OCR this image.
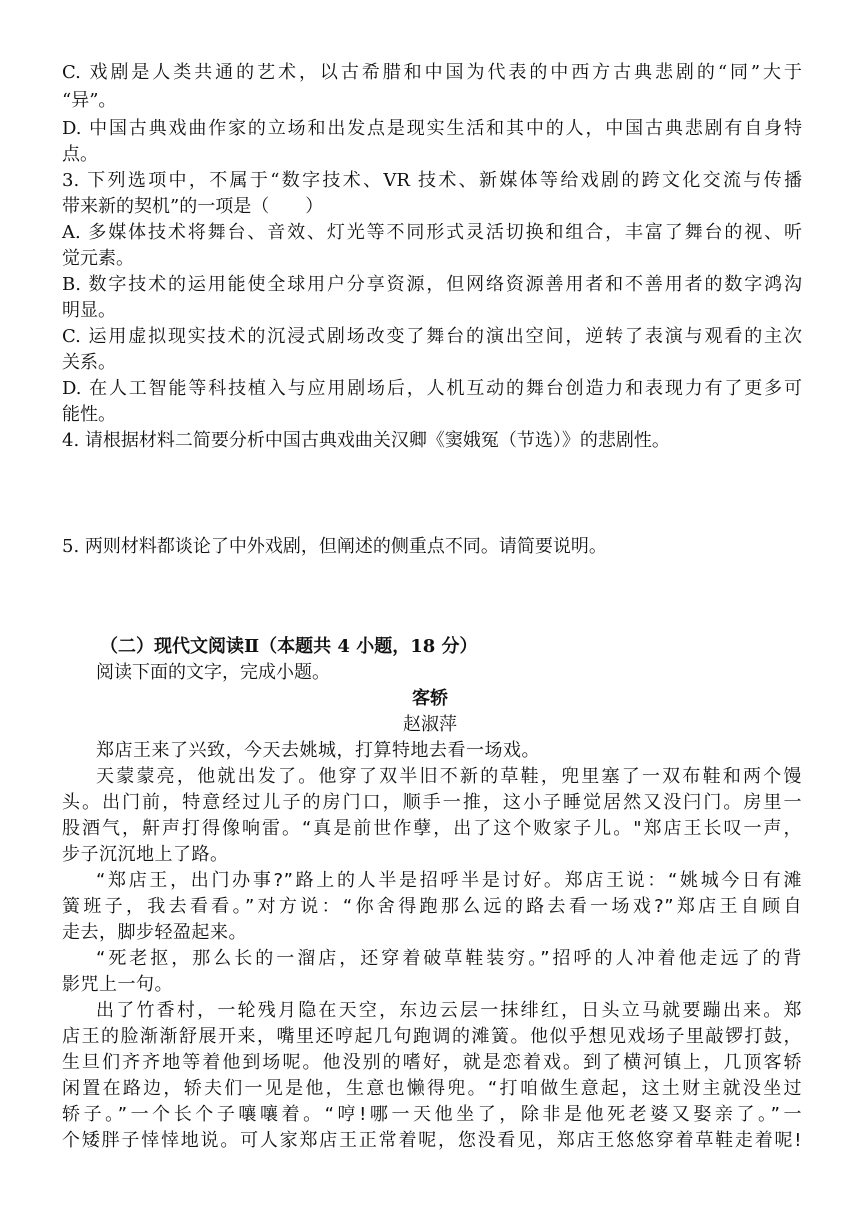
C. 戏剧是人类共通的艺术，以古希腊和中国为代表的中西方古典悲剧的“同”大于
“异”。
D. 中国古典戏曲作家的立场和出发点是现实生活和其中的人，中国古典悲剧有自身特
点。
3. 下列选项中，不属于“数字技术、VR 技术、新媒体等给戏剧的跨文化交流与传播
带来新的契机”的一项是（　　）
A. 多媒体技术将舞台、音效、灯光等不同形式灵活切换和组合，丰富了舞台的视、听
觉元素。
B. 数字技术的运用能使全球用户分享资源，但网络资源善用者和不善用者的数字鸿沟
明显。
C. 运用虚拟现实技术的沉浸式剧场改变了舞台的演出空间，逆转了表演与观看的主次
关系。
D. 在人工智能等科技植入与应用剧场后，人机互动的舞台创造力和表现力有了更多可
能性。
4. 请根据材料二简要分析中国古典戏曲关汉卿《窦娥冤（节选）》的悲剧性。
5. 两则材料都谈论了中外戏剧，但阐述的侧重点不同。请简要说明。
（二）现代文阅读Ⅱ（本题共 4 小题，18 分）
阅读下面的文字，完成小题。
客轿
赵淑萍
郑店王来了兴致，今天去姚城，打算特地去看一场戏。
天蒙蒙亮，他就出发了。他穿了双半旧不新的草鞋，兜里塞了一双布鞋和两个馒
头。出门前，特意经过儿子的房门口，顺手一推，这小子睡觉居然又没闩门。房里一
股酒气，鼾声打得像响雷。“真是前世作孽，出了这个败家子儿。"郑店王长叹一声，
步子沉沉地上了路。
“郑店王，出门办事?”路上的人半是招呼半是讨好。郑店王说：“姚城今日有滩
簧班子，我去看看。”对方说：“你舍得跑那么远的路去看一场戏?”郑店王自顾自
走去，脚步轻盈起来。
“死老抠，那么长的一溜店，还穿着破草鞋装穷。”招呼的人冲着他走远了的背
影咒上一句。
出了竹香村，一轮残月隐在天空，东边云层一抹绯红，日头立马就要蹦出来。郑
店王的脸渐渐舒展开来，嘴里还哼起几句跑调的滩簧。他似乎想见戏场子里敲锣打鼓，
生旦们齐齐地等着他到场呢。他没别的嗜好，就是恋着戏。到了横河镇上，几顶客轿
闲置在路边，轿夫们一见是他，生意也懒得兜。“打咱做生意起，这土财主就没坐过
轿子。”一个长个子嚷嚷着。“哼!哪一天他坐了，除非是他死老婆又娶亲了。”一
个矮胖子悻悻地说。可人家郑店王正常着呢，您没看见，郑店王悠悠穿着草鞋走着呢!
